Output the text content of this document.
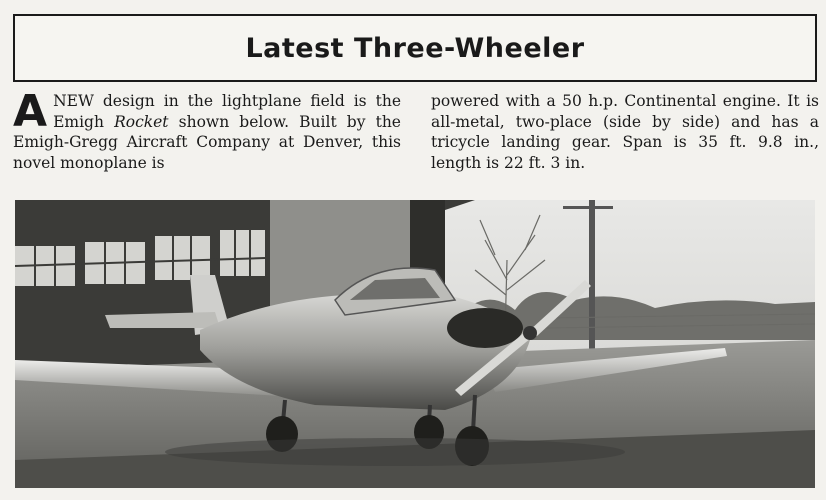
Latest Three-Wheeler
A NEW design in the lightplane field is the Emigh Rocket shown below. Built by the Emigh-Gregg Aircraft Company at Denver, this novel monoplane is
powered with a 50 h.p. Continental engine. It is all-metal, two-place (side by side) and has a tricycle landing gear. Span is 35 ft. 9.8 in., length is 22 ft. 3 in.
